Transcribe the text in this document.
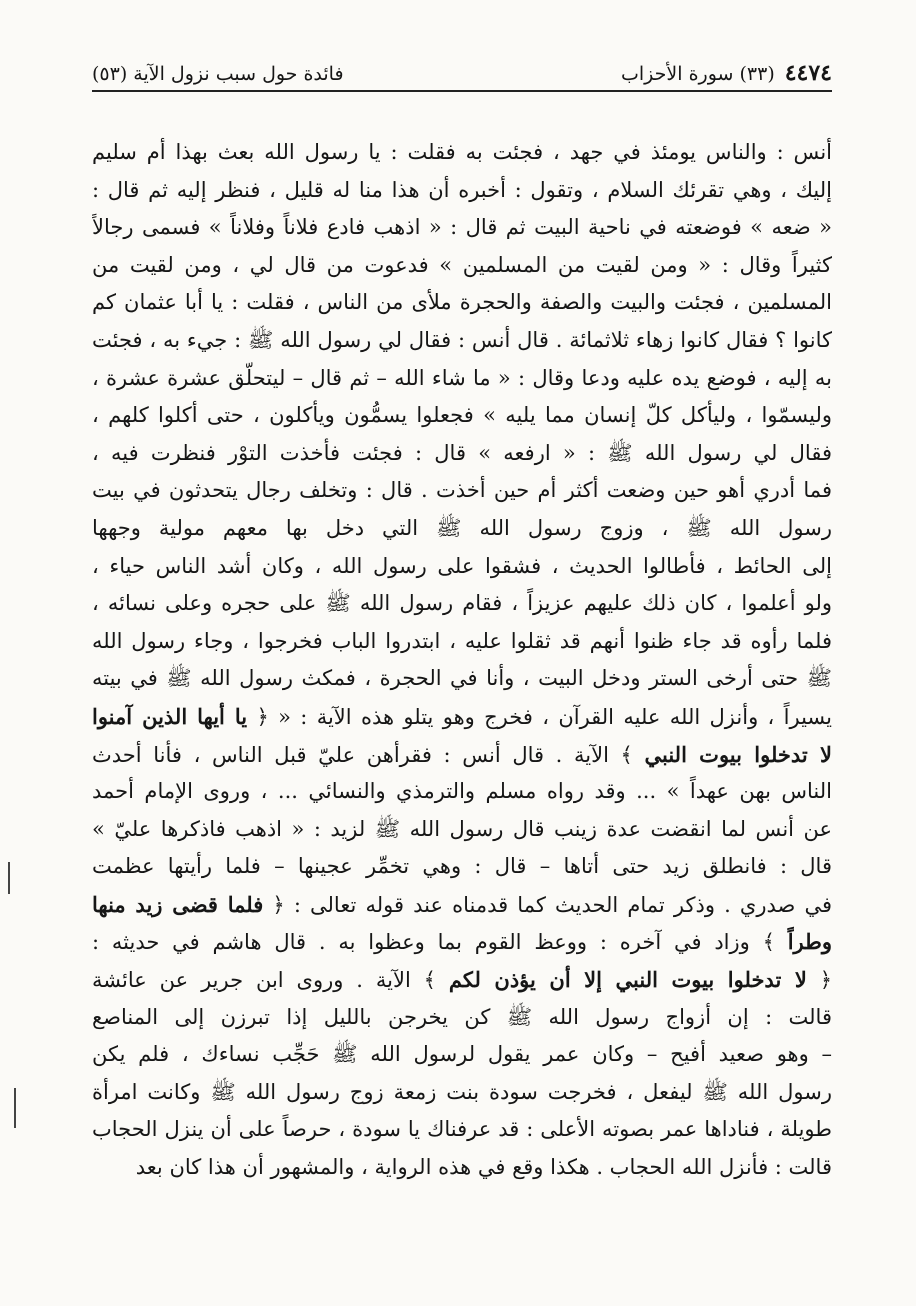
٤٤٧٤
(٣٣) سورة الأحزاب
فائدة حول سبب نزول الآية (٥٣)
أنس : والناس يومئذ في جهد ، فجئت به فقلت : يا رسول الله بعث بهذا أم سليم
إليك ، وهي تقرئك السلام ، وتقول : أخبره أن هذا منا له قليل ، فنظر إليه ثم قال :
« ضعه » فوضعته في ناحية البيت ثم قال : « اذهب فادع فلاناً وفلاناً » فسمى رجالاً
كثيراً وقال : « ومن لقيت من المسلمين » فدعوت من قال لي ، ومن لقيت من
المسلمين ، فجئت والبيت والصفة والحجرة ملأى من الناس ، فقلت : يا أبا عثمان كم
كانوا ؟ فقال كانوا زهاء ثلاثمائة . قال أنس : فقال لي رسول الله ﷺ : جيء به ، فجئت
به إليه ، فوضع يده عليه ودعا وقال : « ما شاء الله – ثم قال – ليتحلّق عشرة عشرة ،
وليسمّوا ، وليأكل كلّ إنسان مما يليه » فجعلوا يسمُّون ويأكلون ، حتى أكلوا كلهم ،
فقال لي رسول الله ﷺ : « ارفعه » قال : فجئت فأخذت التوْر فنظرت فيه ،
فما أدري أهو حين وضعت أكثر أم حين أخذت . قال : وتخلف رجال يتحدثون في بيت
رسول الله ﷺ ، وزوج رسول الله ﷺ التي دخل بها معهم مولية وجهها
إلى الحائط ، فأطالوا الحديث ، فشقوا على رسول الله ، وكان أشد الناس حياء ،
ولو أعلموا ، كان ذلك عليهم عزيزاً ، فقام رسول الله ﷺ على حجره وعلى نسائه ،
فلما رأوه قد جاء ظنوا أنهم قد ثقلوا عليه ، ابتدروا الباب فخرجوا ، وجاء رسول الله
ﷺ حتى أرخى الستر ودخل البيت ، وأنا في الحجرة ، فمكث رسول الله ﷺ في بيته
يسيراً ، وأنزل الله عليه القرآن ، فخرج وهو يتلو هذه الآية : « ﴿ يا أيها الذين آمنوا
لا تدخلوا بيوت النبي ﴾ الآية . قال أنس : فقرأهن عليّ قبل الناس ، فأنا أحدث
الناس بهن عهداً » ... وقد رواه مسلم والترمذي والنسائي ... ، وروى الإمام أحمد
عن أنس لما انقضت عدة زينب قال رسول الله ﷺ لزيد : « اذهب فاذكرها عليّ »
قال : فانطلق زيد حتى أتاها – قال : وهي تخمِّر عجينها – فلما رأيتها عظمت
في صدري . وذكر تمام الحديث كما قدمناه عند قوله تعالى : ﴿ فلما قضى زيد منها
وطراً ﴾ وزاد في آخره : ووعظ القوم بما وعظوا به . قال هاشم في حديثه :
﴿ لا تدخلوا بيوت النبي إلا أن يؤذن لكم ﴾ الآية . وروى ابن جرير عن عائشة
قالت : إن أزواج رسول الله ﷺ كن يخرجن بالليل إذا تبرزن إلى المناصع
– وهو صعيد أفيح – وكان عمر يقول لرسول الله ﷺ حَجِّب نساءك ، فلم يكن
رسول الله ﷺ ليفعل ، فخرجت سودة بنت زمعة زوج رسول الله ﷺ وكانت امرأة
طويلة ، فناداها عمر بصوته الأعلى : قد عرفناك يا سودة ، حرصاً على أن ينزل الحجاب
قالت : فأنزل الله الحجاب . هكذا وقع في هذه الرواية ، والمشهور أن هذا كان بعد
